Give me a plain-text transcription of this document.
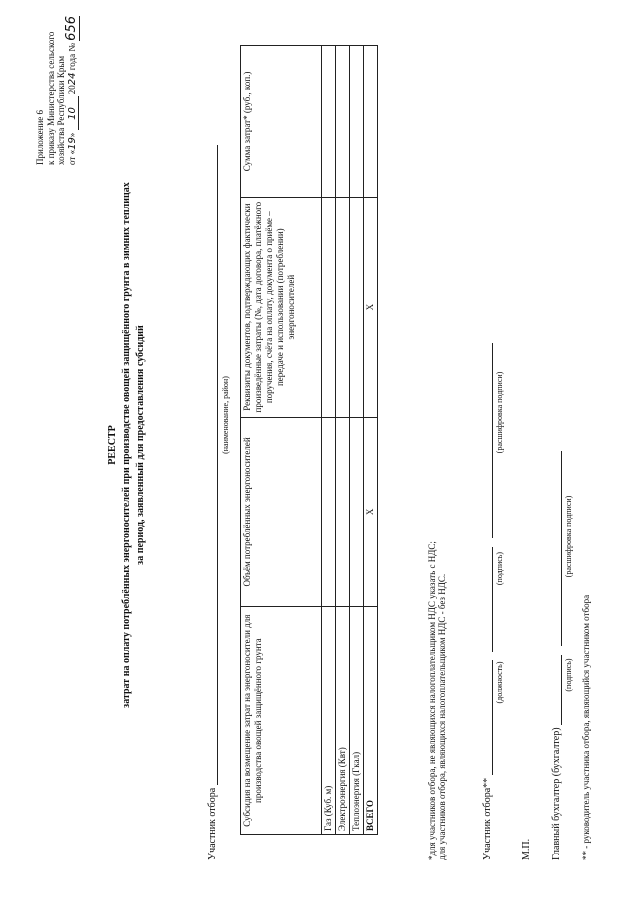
Приложение 6 к приказу Министерства сельского хозяйства Республики Крым от «19» 10 2024 года № 656
РЕЕСТР затрат на оплату потреблённых энергоносителей при производстве овощей защищённого грунта в зимних теплицах за период, заявленный для предоставления субсидий
Участник отбора
(наименование, район)
Субсидия на возмещение затрат на энергоносители для производства овощей защищённого грунта	Объём потреблённых энергоносителей	Реквизиты документов, подтверждающих фактически произведённые затраты (№, дата договора, платёжного поручения, счёта на оплату, документа о приёме – передаче и использовании (потреблении) энергоносителей	Сумма затрат* (руб., коп.)
Газ (Куб. м)			
Электроэнергия (Квт)			
Теплоэнергия (Гкал)			
ВСЕГО	Х	Х	
*для участников отбора, не являющихся налогоплательщиком НДС указать с НДС; для участников отбора, являющихся налогоплательщиком НДС - без НДС.	Участник отбора**
(должность)
(подпись)
(расшифровка подписи)
М.П. Главный бухгалтер (бухгалтер)
(подпись)
(расшифровка подписи)
** - руководитель участника отбора, являющийся участником отбора
